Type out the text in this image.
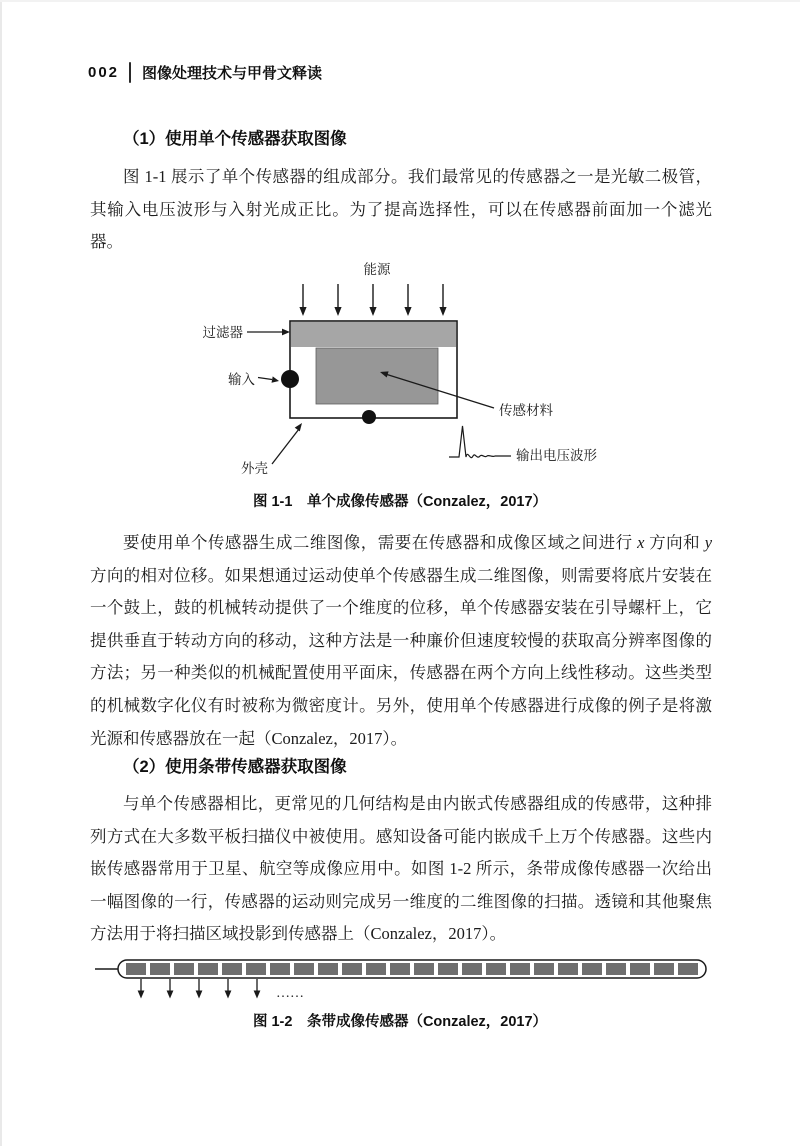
002 图像处理技术与甲骨文释读
（1）使用单个传感器获取图像

图 1-1 展示了单个传感器的组成部分。我们最常见的传感器之一是光敏二极管，其输入电压波形与入射光成正比。为了提高选择性，可以在传感器前面加一个滤光器。

能源
过滤器
输入
传感材料
外壳
输出电压波形
图 1-1　单个成像传感器（Conzalez，2017）

要使用单个传感器生成二维图像，需要在传感器和成像区域之间进行 x 方向和 y 方向的相对位移。如果想通过运动使单个传感器生成二维图像，则需要将底片安装在一个鼓上，鼓的机械转动提供了一个维度的位移，单个传感器安装在引导螺杆上，它提供垂直于转动方向的移动，这种方法是一种廉价但速度较慢的获取高分辨率图像的方法；另一种类似的机械配置使用平面床，传感器在两个方向上线性移动。这些类型的机械数字化仪有时被称为微密度计。另外，使用单个传感器进行成像的例子是将激光源和传感器放在一起（Conzalez，2017）。

（2）使用条带传感器获取图像

与单个传感器相比，更常见的几何结构是由内嵌式传感器组成的传感带，这种排列方式在大多数平板扫描仪中被使用。感知设备可能内嵌成千上万个传感器。这些内嵌传感器常用于卫星、航空等成像应用中。如图 1-2 所示，条带成像传感器一次给出一幅图像的一行，传感器的运动则完成另一维度的二维图像的扫描。透镜和其他聚焦方法用于将扫描区域投影到传感器上（Conzalez，2017）。

……
图 1-2　条带成像传感器（Conzalez，2017）
